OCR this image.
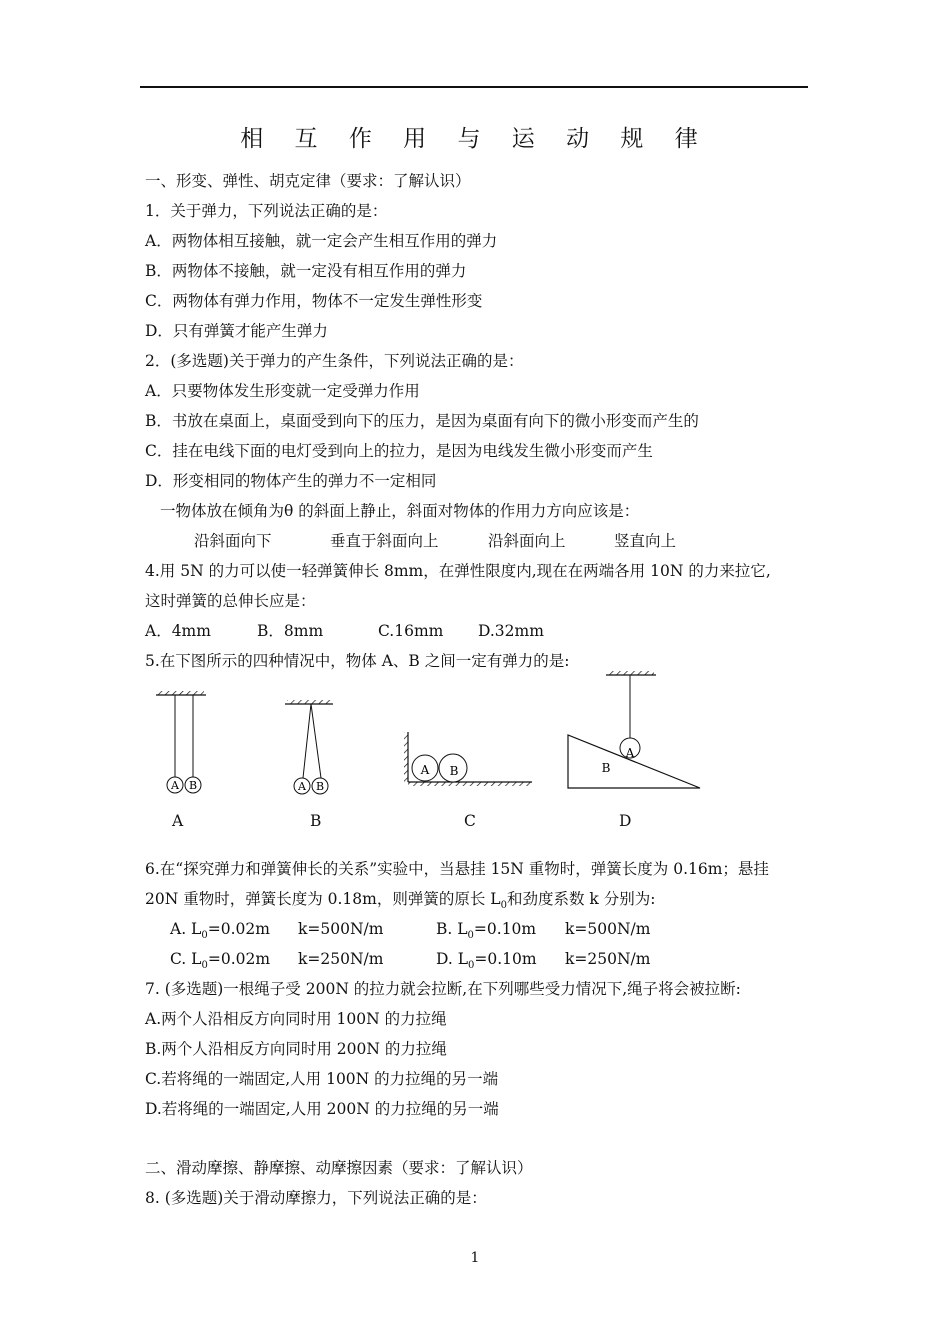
相 互 作 用 与 运 动 规 律
一、形变、弹性、胡克定律（要求：了解认识）
1．关于弹力，下列说法正确的是：
A．两物体相互接触，就一定会产生相互作用的弹力
B．两物体不接触，就一定没有相互作用的弹力
C．两物体有弹力作用，物体不一定发生弹性形变
D．只有弹簧才能产生弹力
2．(多选题)关于弹力的产生条件，下列说法正确的是：
A．只要物体发生形变就一定受弹力作用
B．书放在桌面上，桌面受到向下的压力，是因为桌面有向下的微小形变而产生的
C．挂在电线下面的电灯受到向上的拉力，是因为电线发生微小形变而产生
D．形变相同的物体产生的弹力不一定相同
一物体放在倾角为θ 的斜面上静止，斜面对物体的作用力方向应该是：
沿斜面向下	垂直于斜面向上	沿斜面向上	竖直向上
4.用 5N 的力可以使一轻弹簧伸长 8mm，在弹性限度内,现在在两端各用 10N 的力来拉它,
这时弹簧的总伸长应是：
A．4mm	B．8mm	C.16mm D.32mm
5.在下图所示的四种情况中，物体 A、B 之间一定有弹力的是:
A B	A B
A B
A
B
A	B	C	D
6.在“探究弹力和弹簧伸长的关系”实验中，当悬挂 15N 重物时，弹簧长度为 0.16m；悬挂
20N 重物时，弹簧长度为 0.18m，则弹簧的原长 $L_0$和劲度系数 k 分别为:
A. $L_0=0.02m$ k=500N/m	B. $L_0=0.10m$ k=500N/m
C. $L_0=0.02m$ k=250N/m	D. $L_0=0.10m$ k=250N/m
7. (多选题)一根绳子受 200N 的拉力就会拉断,在下列哪些受力情况下,绳子将会被拉断:
A.两个人沿相反方向同时用 100N 的力拉绳
B.两个人沿相反方向同时用 200N 的力拉绳
C.若将绳的一端固定,人用 100N 的力拉绳的另一端
D.若将绳的一端固定,人用 200N 的力拉绳的另一端
二、滑动摩擦、静摩擦、动摩擦因素（要求：了解认识）
8. (多选题)关于滑动摩擦力，下列说法正确的是：
1
